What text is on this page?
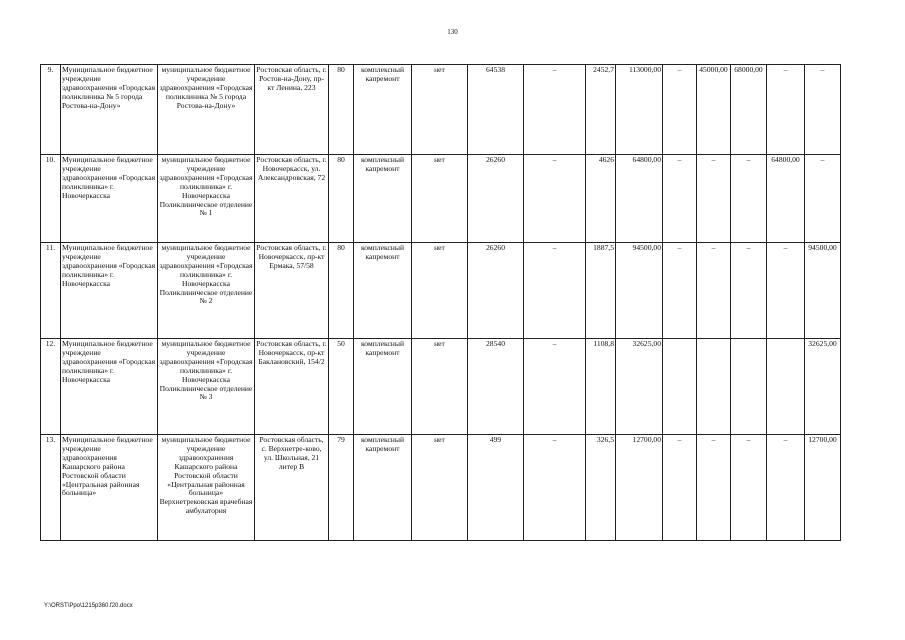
130
9.	Муниципальное бюджетное учреждение здравоохранения «Городская поликлиника № 5 города Ростова-на-Дону»	муниципальное бюджетное учреждение здравоохранения «Городская поликлиника № 5 города Ростова-на-Дону»	Ростовская область, г. Ростов-на-Дону, пр-кт Ленина, 223	80	комплексный капремонт	нет	64538	–	2452,7	113000,00	–	45000,00	68000,00	–	–
10.	Муниципальное бюджетное учреждение здравоохранения «Городская поликлиника» г. Новочеркасска	муниципальное бюджетное учреждение здравоохранения «Городская поликлиника» г. Новочеркасска Поликлиническое отделение № 1	Ростовская область, г. Новочеркасск, ул. Александровская, 72	80	комплексный капремонт	нет	26260	–	4626	64800,00	–	–	–	64800,00	–
11.	Муниципальное бюджетное учреждение здравоохранения «Городская поликлиника» г. Новочеркасска	муниципальное бюджетное учреждение здравоохранения «Городская поликлиника» г. Новочеркасска Поликлиническое отделение № 2	Ростовская область, г. Новочеркасск, пр-кт Ермака, 57/58	80	комплексный капремонт	нет	26260	–	1887,5	94500,00	–	–	–	–	94500,00
12.	Муниципальное бюджетное учреждение здравоохранения «Городская поликлиника» г. Новочеркасска	муниципальное бюджетное учреждение здравоохранения «Городская поликлиника» г. Новочеркасска Поликлиническое отделение № 3	Ростовская область, г. Новочеркасск, пр-кт Баклановский, 154/2	50	комплексный капремонт	нет	28540	–	1108,8	32625,00					32625,00
13.	Муниципальное бюджетное учреждение здравоохранения Кашарского района Ростовской области «Центральная районная больница»	муниципальное бюджетное учреждение здравоохранения Кашарского района Ростовской области «Центральная районная больница» Верхнетрековская врачебная амбулатория	Ростовская область, с. Верхнетре-ково, ул. Школьная, 21 литер В	79	комплексный капремонт	нет	499	–	326,5	12700,00	–	–	–	–	12700,00
Y:\ORST\Ppo\1215p360.f20.docx
